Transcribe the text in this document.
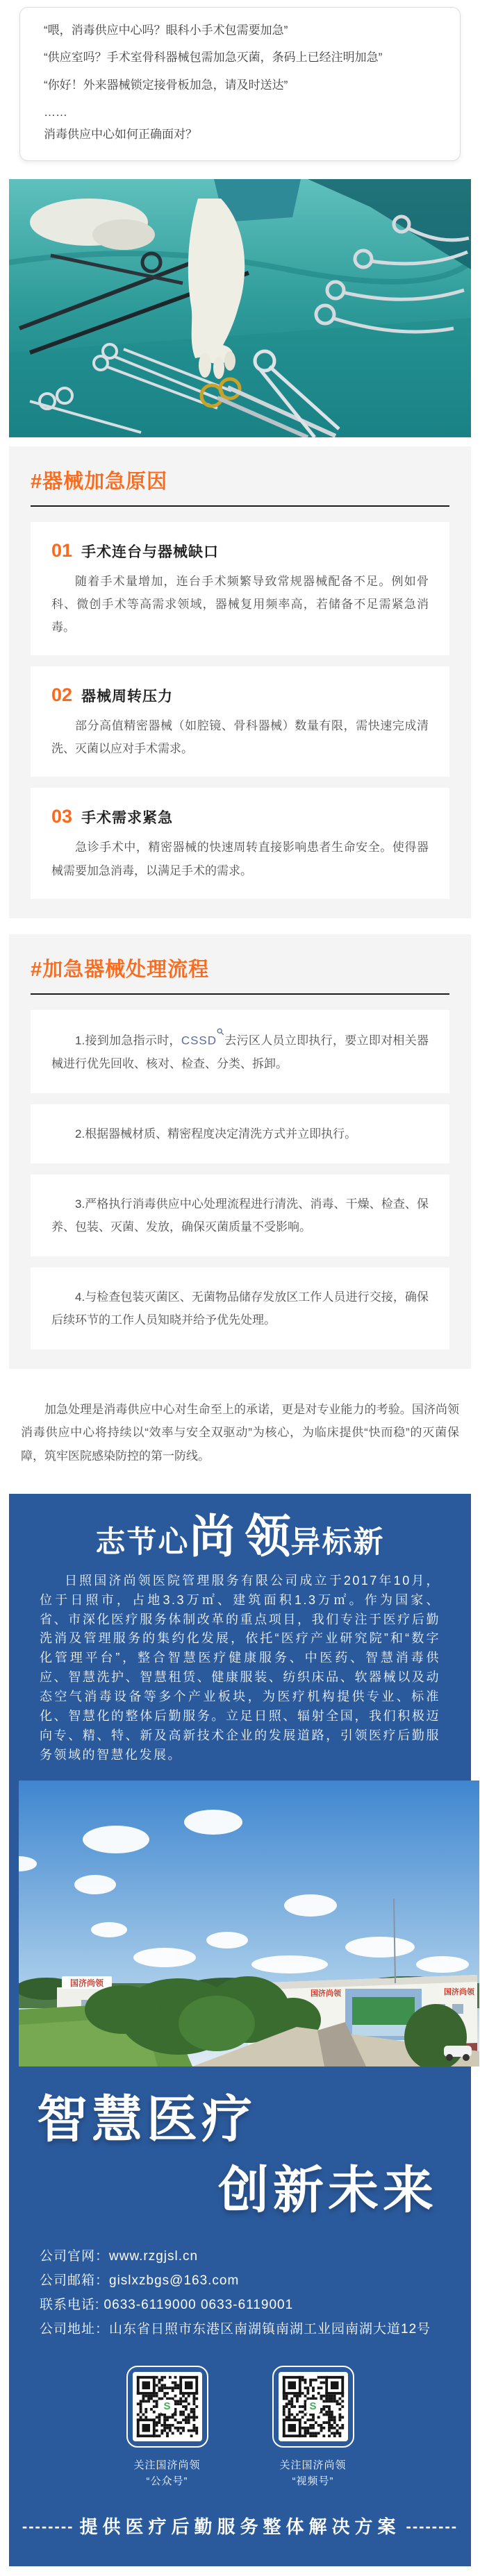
“喂，消毒供应中心吗？眼科小手术包需要加急”

“供应室吗？手术室骨科器械包需加急灭菌，条码上已经注明加急”

“你好！外来器械锁定接骨板加急，请及时送达”

……

消毒供应中心如何正确面对？

#器械加急原因
01 手术连台与器械缺口

随着手术量增加，连台手术频繁导致常规器械配备不足。例如骨科、微创手术等高需求领域，器械复用频率高，若储备不足需紧急消毒。

02 器械周转压力

部分高值精密器械（如腔镜、骨科器械）数量有限，需快速完成清洗、灭菌以应对手术需求。

03 手术需求紧急

急诊手术中，精密器械的快速周转直接影响患者生命安全。使得器械需要加急消毒，以满足手术的需求。

#加急器械处理流程

1.接到加急指示时，CSSD 去污区人员立即执行，要立即对相关器械进行优先回收、核对、检查、分类、拆卸。

2.根据器械材质、精密程度决定清洗方式并立即执行。

3.严格执行消毒供应中心处理流程进行清洗、消毒、干燥、检查、保养、包装、灭菌、发放，确保灭菌质量不受影响。

4.与检查包装灭菌区、无菌物品储存发放区工作人员进行交接，确保后续环节的工作人员知晓并给予优先处理。

加急处理是消毒供应中心对生命至上的承诺，更是对专业能力的考验。国济尚领消毒供应中心将持续以“效率与安全双驱动”为核心，为临床提供“快而稳”的灭菌保障，筑牢医院感染防控的第一防线。

志节心尚 领异标新

日照国济尚领医院管理服务有限公司成立于2017年10月，位于日照市，占地3.3万㎡、建筑面积1.3万㎡。作为国家、省、市深化医疗服务体制改革的重点项目，我们专注于医疗后勤洗消及管理服务的集约化发展，依托“医疗产业研究院”和“数字化管理平台”，整合智慧医疗健康服务、中医药、智慧消毒供应、智慧洗护、智慧租赁、健康服装、纺织床品、软器械以及动态空气消毒设备等多个产业板块，为医疗机构提供专业、标准化、智慧化的整体后勤服务。立足日照、辐射全国，我们积极迈向专、精、特、新及高新技术企业的发展道路，引领医疗后勤服务领域的智慧化发展。

国济尚领
国济尚领	国济尚领
智慧医疗
创新未来
公司官网：www.rzgjsl.cn
公司邮箱：gislxzbgs@163.com
联系电话: 0633-6119000 0633-6119001
公司地址：山东省日照市东港区南湖镇南湖工业园南湖大道12号
S
关注国济尚领
“公众号”
S
关注国济尚领
“视频号”
-------- 提供医疗后勤服务整体解决方案 --------
